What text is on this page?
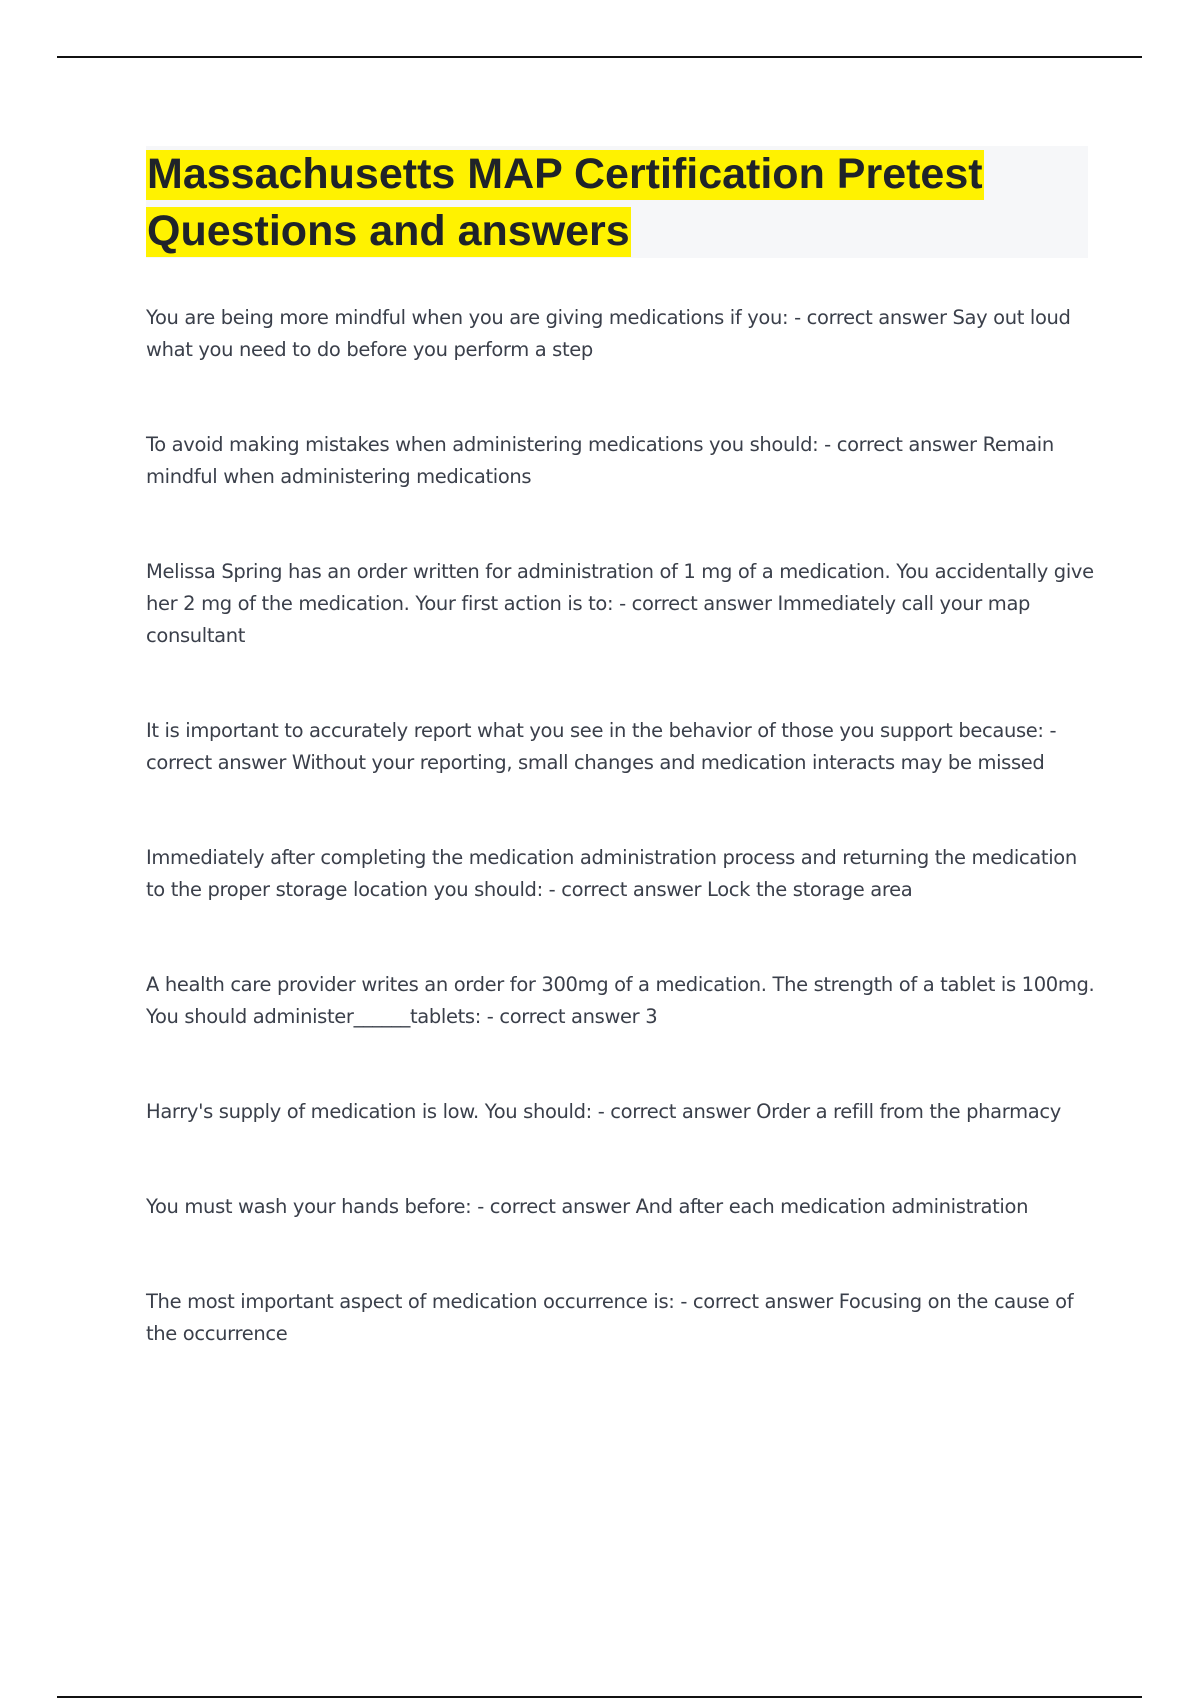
Massachusetts MAP Certification Pretest Questions and answers
You are being more mindful when you are giving medications if you: - correct answer Say out loud what you need to do before you perform a step
To avoid making mistakes when administering medications you should: - correct answer Remain mindful when administering medications
Melissa Spring has an order written for administration of 1 mg of a medication. You accidentally give her 2 mg of the medication. Your first action is to: - correct answer Immediately call your map consultant
It is important to accurately report what you see in the behavior of those you support because: - correct answer Without your reporting, small changes and medication interacts may be missed
Immediately after completing the medication administration process and returning the medication to the proper storage location you should: - correct answer Lock the storage area
A health care provider writes an order for 300mg of a medication. The strength of a tablet is 100mg. You should administer______tablets: - correct answer 3
Harry's supply of medication is low. You should: - correct answer Order a refill from the pharmacy
You must wash your hands before: - correct answer And after each medication administration
The most important aspect of medication occurrence is: - correct answer Focusing on the cause of the occurrence
